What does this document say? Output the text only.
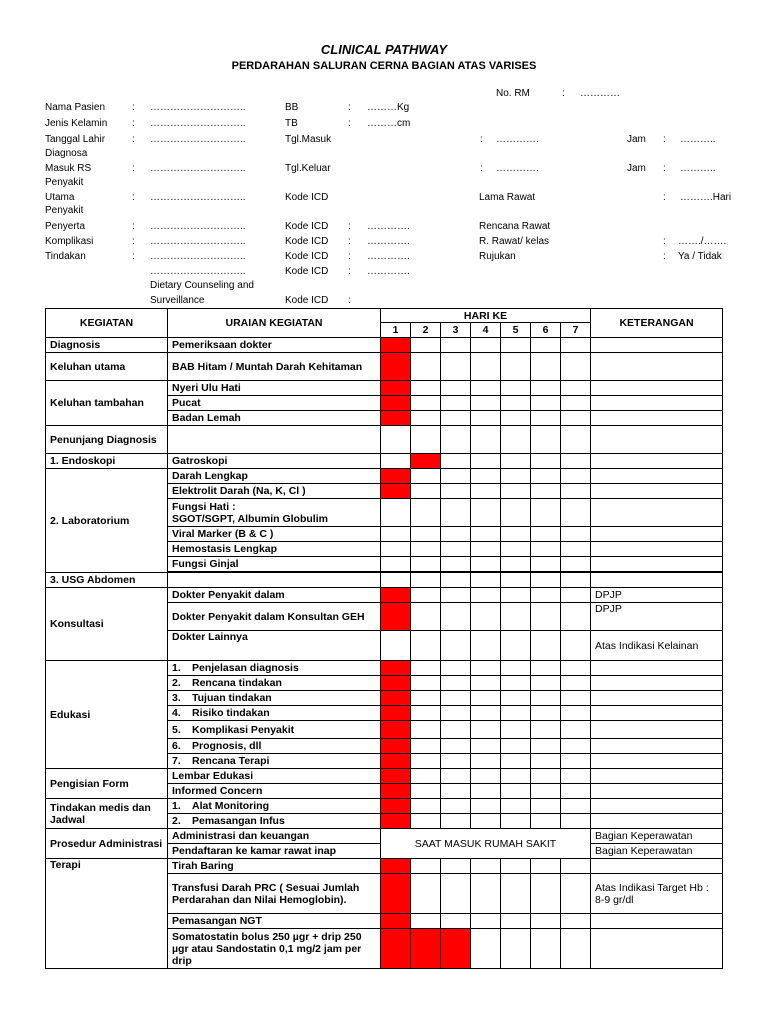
CLINICAL PATHWAY
PERDARAHAN SALURAN CERNA BAGIAN ATAS VARISES
No. RM	: …………
Nama Pasien	: ………………………..	BB	: ………Kg
Jenis Kelamin : ………………………..	TB	: ………cm
Tanggal Lahir	: ………………………..	Tgl.Masuk	: ………….	Jam : ………..
Diagnosa
Masuk RS	: ………………………..	Tgl.Keluar	: ………….	Jam : ………..
Penyakit
Utama	: ………………………..	Kode ICD	Lama Rawat	: ……….Hari
Penyakit
Penyerta	: ………………………..	Kode ICD : ………….	Rencana Rawat
Komplikasi	: ………………………..	Kode ICD : ………….	R. Rawat/ kelas	: ……./…….
Tindakan	: ………………………..	Kode ICD : ………….	Rujukan	: Ya / Tidak
………………………..	Kode ICD : ………….
Dietary Counseling and
Surveillance	Kode ICD :
KEGIATAN	URAIAN KEGIATAN	HARI KE							KETERANGAN
		1	2	3	4	5	6	7	
Diagnosis	Pemeriksaan dokter								
Keluhan utama	BAB Hitam / Muntah Darah Kehitaman								
Keluhan tambahan	Nyeri Ulu Hati								
	Pucat								
	Badan Lemah								
Penunjang Diagnosis									
1. Endoskopi	Gatroskopi								
2. Laboratorium	Darah Lengkap								
	Elektrolit Darah (Na, K, Cl )								
	Fungsi Hati :
SGOT/SGPT, Albumin Globulim								
	Viral Marker (B & C )								
	Hemostasis Lengkap								
	Fungsi Ginjal								

3. USG Abdomen									
Konsultasi	Dokter Penyakit dalam								DPJP
	Dokter Penyakit dalam Konsultan GEH								DPJP
	Dokter Lainnya								Atas Indikasi Kelainan
Edukasi	1. Penjelasan diagnosis								
	2. Rencana tindakan								
	3. Tujuan tindakan								
	4. Risiko tindakan								
	5. Komplikasi Penyakit								
	6. Prognosis, dll								
	7. Rencana Terapi								
Pengisian Form	Lembar Edukasi								
	Informed Concern								
Tindakan medis dan Jadwal	1. Alat Monitoring								
	2. Pemasangan Infus								
Prosedur Administrasi	Administrasi dan keuangan	SAAT MASUK RUMAH SAKIT							Bagian Keperawatan
	Pendaftaran ke kamar rawat inap								Bagian Keperawatan
Terapi	Tirah Baring								
	Transfusi Darah PRC ( Sesuai Jumlah Perdarahan dan Nilai Hemoglobin).								Atas Indikasi Target Hb : 8-9 gr/dl
	Pemasangan NGT								
	Somatostatin bolus 250 µgr + drip 250 µgr atau Sandostatin 0,1 mg/2 jam per drip								
